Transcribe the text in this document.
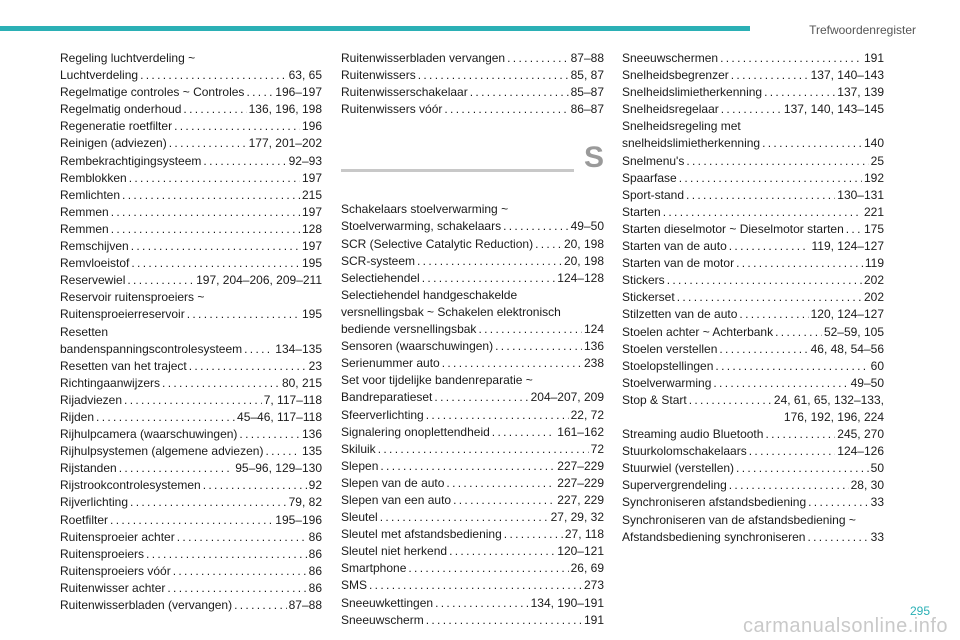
Trefwoordenregister
Regeling luchtverdeling ~
Luchtverdeling . . .	63, 65
Regelmatige controles ~ Controles . . .	196–197
Regelmatig onderhoud . . .	136, 196, 198
Regeneratie roetfilter . . .	196
Reinigen (adviezen) . . .	177, 201–202
Rembekrachtigingsysteem . . .	92–93
Remblokken . . .	197
Remlichten . . .	215
Remmen . . .	197
Remmen . . .	128
Remschijven . . .	197
Remvloeistof . . .	195
Reservewiel . . .	197, 204–206, 209–211
Reservoir ruitensproeiers ~
Ruitensproeierreservoir . . .	195
Resetten
bandenspanningscontrolesysteem . . .	134–135
Resetten van het traject . . .	23
Richtingaanwijzers . . .	80, 215
Rijadviezen . . .	7, 117–118
Rijden . . .	45–46, 117–118
Rijhulpcamera (waarschuwingen) . . .	136
Rijhulpsystemen (algemene adviezen) . . .	135
Rijstanden . . .	95–96, 129–130
Rijstrookcontrolesystemen . . .	92
Rijverlichting . . .	79, 82
Roetfilter . . .	195–196
Ruitensproeier achter . . .	86
Ruitensproeiers . . .	86
Ruitensproeiers vóór . . .	86
Ruitenwisser achter . . .	86
Ruitenwisserbladen (vervangen) . . .	87–88
Ruitenwisserbladen vervangen . . .	87–88
Ruitenwissers . . .	85, 87
Ruitenwisserschakelaar . . .	85–87
Ruitenwissers vóór . . .	86–87
S
Schakelaars stoelverwarming ~
Stoelverwarming, schakelaars . . .	49–50
SCR (Selective Catalytic Reduction) . . .	20, 198
SCR-systeem . . .	20, 198
Selectiehendel . . .	124–128
Selectiehendel handgeschakelde
versnellingsbak ~ Schakelen elektronisch
bediende versnellingsbak . . .	124
Sensoren (waarschuwingen) . . .	136
Serienummer auto . . .	238
Set voor tijdelijke bandenreparatie ~
Bandreparatieset . . .	204–207, 209
Sfeerverlichting . . .	22, 72
Signalering onoplettendheid . . .	161–162
Skiluik . . .	72
Slepen . . .	227–229
Slepen van de auto . . .	227–229
Slepen van een auto . . .	227, 229
Sleutel . . .	27, 29, 32
Sleutel met afstandsbediening . . .	27, 118
Sleutel niet herkend . . .	120–121
Smartphone . . .	26, 69
SMS . . .	273
Sneeuwkettingen . . .	134, 190–191
Sneeuwscherm . . .	191
Sneeuwschermen . . .	191
Snelheidsbegrenzer . . .	137, 140–143
Snelheidslimietherkenning . . .	137, 139
Snelheidsregelaar . . .	137, 140, 143–145
Snelheidsregeling met
snelheidslimietherkenning . . .	140
Snelmenu's . . .	25
Spaarfase . . .	192
Sport-stand . . .	130–131
Starten . . .	221
Starten dieselmotor ~ Dieselmotor starten . . . 175
Starten van de auto . . .	119, 124–127
Starten van de motor . . .	119
Stickers . . .	202
Stickerset . . .	202
Stilzetten van de auto . . .	120, 124–127
Stoelen achter ~ Achterbank . . .	52–59, 105
Stoelen verstellen . . .	46, 48, 54–56
Stoelopstellingen . . .	60
Stoelverwarming . . .	49–50
Stop & Start . . .	24, 61, 65, 132–133,
176, 192, 196, 224
Streaming audio Bluetooth . . .	245, 270
Stuurkolomschakelaars . . .	124–126
Stuurwiel (verstellen) . . .	50
Supervergrendeling . . .	28, 30
Synchroniseren afstandsbediening . . .	33
Synchroniseren van de afstandsbediening ~
Afstandsbediening synchroniseren . . .	33
295
carmanualsonline.info
